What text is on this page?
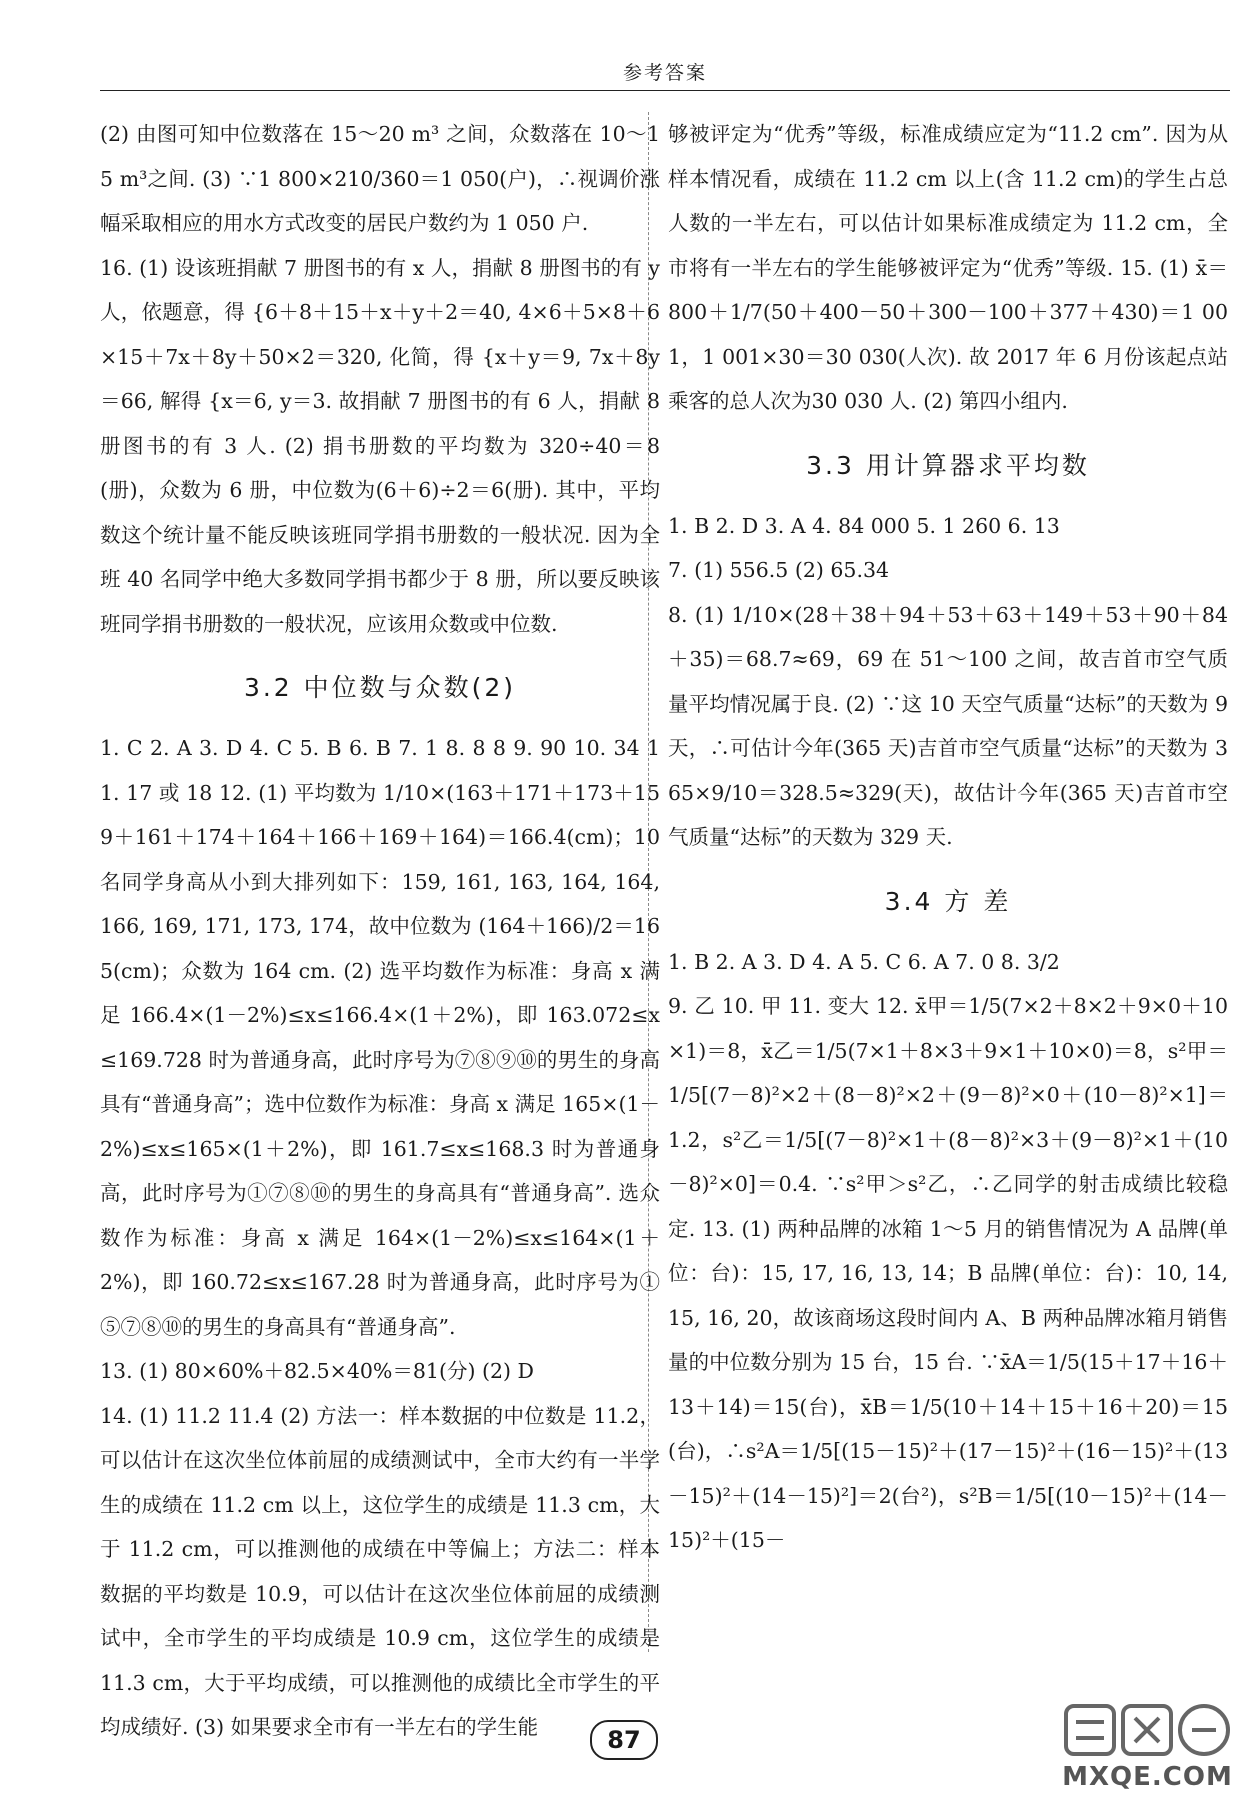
参考答案

(2) 由图可知中位数落在 15～20 m³ 之间，众数落在 10～15 m³之间. (3) ∵1 800×210/360＝1 050(户)，∴视调价涨幅采取相应的用水方式改变的居民户数约为 1 050 户.

16. (1) 设该班捐献 7 册图书的有 x 人，捐献 8 册图书的有 y 人，依题意，得 {6＋8＋15＋x＋y＋2＝40, 4×6＋5×8＋6×15＋7x＋8y＋50×2＝320, 化简，得 {x＋y＝9, 7x＋8y＝66, 解得 {x＝6, y＝3. 故捐献 7 册图书的有 6 人，捐献 8 册图书的有 3 人. (2) 捐书册数的平均数为 320÷40＝8(册)，众数为 6 册，中位数为(6＋6)÷2＝6(册). 其中，平均数这个统计量不能反映该班同学捐书册数的一般状况. 因为全班 40 名同学中绝大多数同学捐书都少于 8 册，所以要反映该班同学捐书册数的一般状况，应该用众数或中位数.

3.2 中位数与众数(2)

1. C 2. A 3. D 4. C 5. B 6. B 7. 1 8. 8 8 9. 90 10. 34 11. 17 或 18 12. (1) 平均数为 1/10×(163＋171＋173＋159＋161＋174＋164＋166＋169＋164)＝166.4(cm)；10 名同学身高从小到大排列如下：159, 161, 163, 164, 164, 166, 169, 171, 173, 174，故中位数为 (164＋166)/2＝165(cm)；众数为 164 cm. (2) 选平均数作为标准：身高 x 满足 166.4×(1－2%)≤x≤166.4×(1＋2%)，即 163.072≤x≤169.728 时为普通身高，此时序号为⑦⑧⑨⑩的男生的身高具有“普通身高”；选中位数作为标准：身高 x 满足 165×(1－2%)≤x≤165×(1＋2%)，即 161.7≤x≤168.3 时为普通身高，此时序号为①⑦⑧⑩的男生的身高具有“普通身高”. 选众数作为标准：身高 x 满足 164×(1－2%)≤x≤164×(1＋2%)，即 160.72≤x≤167.28 时为普通身高，此时序号为①⑤⑦⑧⑩的男生的身高具有“普通身高”.

13. (1) 80×60%＋82.5×40%＝81(分) (2) D

14. (1) 11.2 11.4 (2) 方法一：样本数据的中位数是 11.2，可以估计在这次坐位体前屈的成绩测试中，全市大约有一半学生的成绩在 11.2 cm 以上，这位学生的成绩是 11.3 cm，大于 11.2 cm，可以推测他的成绩在中等偏上；方法二：样本数据的平均数是 10.9，可以估计在这次坐位体前屈的成绩测试中，全市学生的平均成绩是 10.9 cm，这位学生的成绩是 11.3 cm，大于平均成绩，可以推测他的成绩比全市学生的平均成绩好. (3) 如果要求全市有一半左右的学生能

够被评定为“优秀”等级，标准成绩应定为“11.2 cm”. 因为从样本情况看，成绩在 11.2 cm 以上(含 11.2 cm)的学生占总人数的一半左右，可以估计如果标准成绩定为 11.2 cm，全市将有一半左右的学生能够被评定为“优秀”等级. 15. (1) x̄＝800＋1/7(50＋400－50＋300－100＋377＋430)＝1 001，1 001×30＝30 030(人次). 故 2017 年 6 月份该起点站乘客的总人次为30 030 人. (2) 第四小组内.

3.3 用计算器求平均数

1. B 2. D 3. A 4. 84 000 5. 1 260 6. 13

7. (1) 556.5 (2) 65.34

8. (1) 1/10×(28＋38＋94＋53＋63＋149＋53＋90＋84＋35)＝68.7≈69，69 在 51～100 之间，故吉首市空气质量平均情况属于良. (2) ∵这 10 天空气质量“达标”的天数为 9 天，∴可估计今年(365 天)吉首市空气质量“达标”的天数为 365×9/10＝328.5≈329(天)，故估计今年(365 天)吉首市空气质量“达标”的天数为 329 天.

3.4 方 差

1. B 2. A 3. D 4. A 5. C 6. A 7. 0 8. 3/2

9. 乙 10. 甲 11. 变大 12. x̄甲＝1/5(7×2＋8×2＋9×0＋10×1)＝8，x̄乙＝1/5(7×1＋8×3＋9×1＋10×0)＝8，s²甲＝1/5[(7－8)²×2＋(8－8)²×2＋(9－8)²×0＋(10－8)²×1]＝1.2，s²乙＝1/5[(7－8)²×1＋(8－8)²×3＋(9－8)²×1＋(10－8)²×0]＝0.4. ∵s²甲＞s²乙，∴乙同学的射击成绩比较稳定. 13. (1) 两种品牌的冰箱 1～5 月的销售情况为 A 品牌(单位：台)：15, 17, 16, 13, 14；B 品牌(单位：台)：10, 14, 15, 16, 20，故该商场这段时间内 A、B 两种品牌冰箱月销售量的中位数分别为 15 台，15 台. ∵x̄A＝1/5(15＋17＋16＋13＋14)＝15(台)，x̄B＝1/5(10＋14＋15＋16＋20)＝15(台)，∴s²A＝1/5[(15－15)²＋(17－15)²＋(16－15)²＋(13－15)²＋(14－15)²]＝2(台²)，s²B＝1/5[(10－15)²＋(14－15)²＋(15－

87
MXQE.COM
